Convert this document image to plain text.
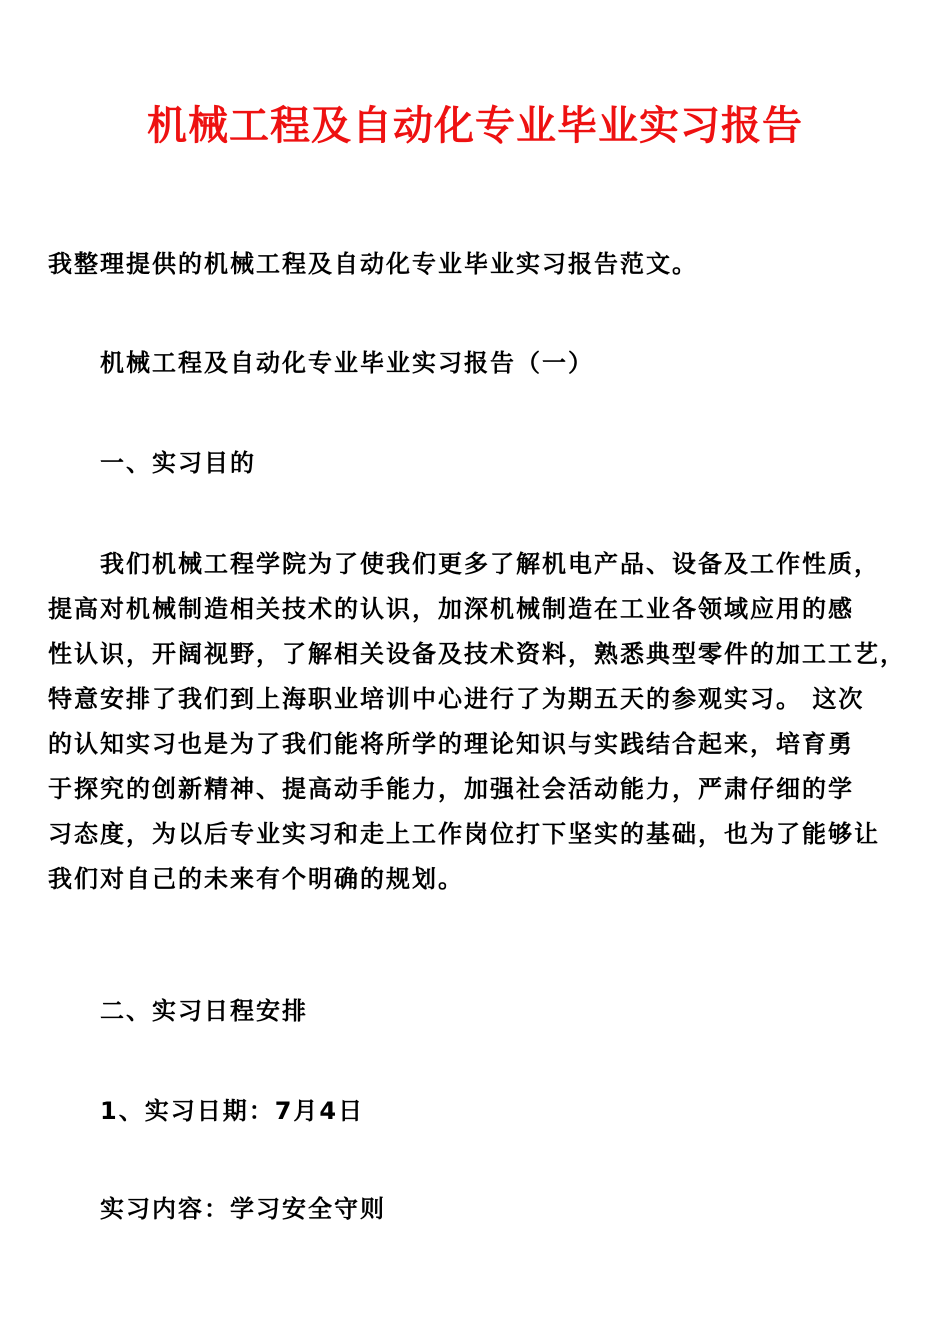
机械工程及自动化专业毕业实习报告
我整理提供的机械工程及自动化专业毕业实习报告范文。
机械工程及自动化专业毕业实习报告（一）
一、实习目的
我们机械工程学院为了使我们更多了解机电产品、设备及工作性质，
提高对机械制造相关技术的认识，加深机械制造在工业各领域应用的感
性认识，开阔视野，了解相关设备及技术资料，熟悉典型零件的加工工艺，
特意安排了我们到上海职业培训中心进行了为期五天的参观实习。 这次
的认知实习也是为了我们能将所学的理论知识与实践结合起来，培育勇
于探究的创新精神、提高动手能力，加强社会活动能力，严肃仔细的学
习态度，为以后专业实习和走上工作岗位打下坚实的基础，也为了能够让
我们对自己的未来有个明确的规划。
二、实习日程安排
1、实习日期：7月4日
实习内容：学习安全守则
